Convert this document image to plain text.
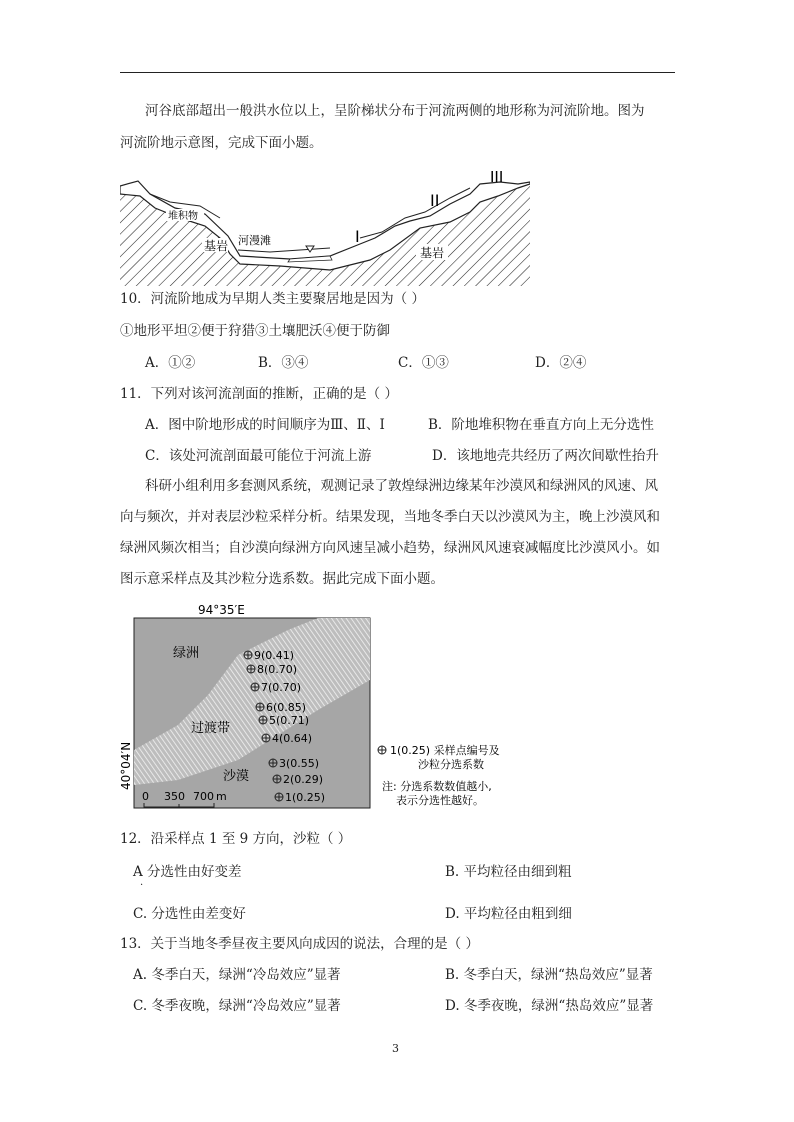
河谷底部超出一般洪水位以上，呈阶梯状分布于河流两侧的地形称为河流阶地。图为
河流阶地示意图，完成下面小题。
堆积物
基岩 河漫滩	I
II
III
基岩
10．河流阶地成为早期人类主要聚居地是因为（ ）
①地形平坦②便于狩猎③土壤肥沃④便于防御
A．①②	B．③④	C．①③	D．②④
11．下列对该河流剖面的推断，正确的是（ ）
A．图中阶地形成的时间顺序为Ⅲ、Ⅱ、Ⅰ	B．阶地堆积物在垂直方向上无分选性
C．该处河流剖面最可能位于河流上游	D．该地地壳共经历了两次间歇性抬升
科研小组利用多套测风系统，观测记录了敦煌绿洲边缘某年沙漠风和绿洲风的风速、风
向与频次，并对表层沙粒采样分析。结果发现，当地冬季白天以沙漠风为主，晚上沙漠风和
绿洲风频次相当；自沙漠向绿洲方向风速呈减小趋势，绿洲风风速衰减幅度比沙漠风小。如
图示意采样点及其沙粒分选系数。据此完成下面小题。
94°35′E
40°04′N
绿洲
过渡带
沙漠
9(0.41)
8(0.70)
7(0.70)
6(0.85)
5(0.71)
4(0.64)
3(0.55)
2(0.29)
1(0.25)
0 350 700 m
1(0.25) 采样点编号及
沙粒分选系数
注: 分选系数数值越小,
表示分选性越好。
12．沿采样点 1 至 9 方向，沙粒（ ）
A 分选性由好变差
.
B. 平均粒径由细到粗
C. 分选性由差变好	D. 平均粒径由粗到细
13．关于当地冬季昼夜主要风向成因的说法，合理的是（ ）
A. 冬季白天，绿洲“冷岛效应”显著	B. 冬季白天，绿洲“热岛效应”显著
C. 冬季夜晚，绿洲“冷岛效应”显著	D. 冬季夜晚，绿洲“热岛效应”显著
3
